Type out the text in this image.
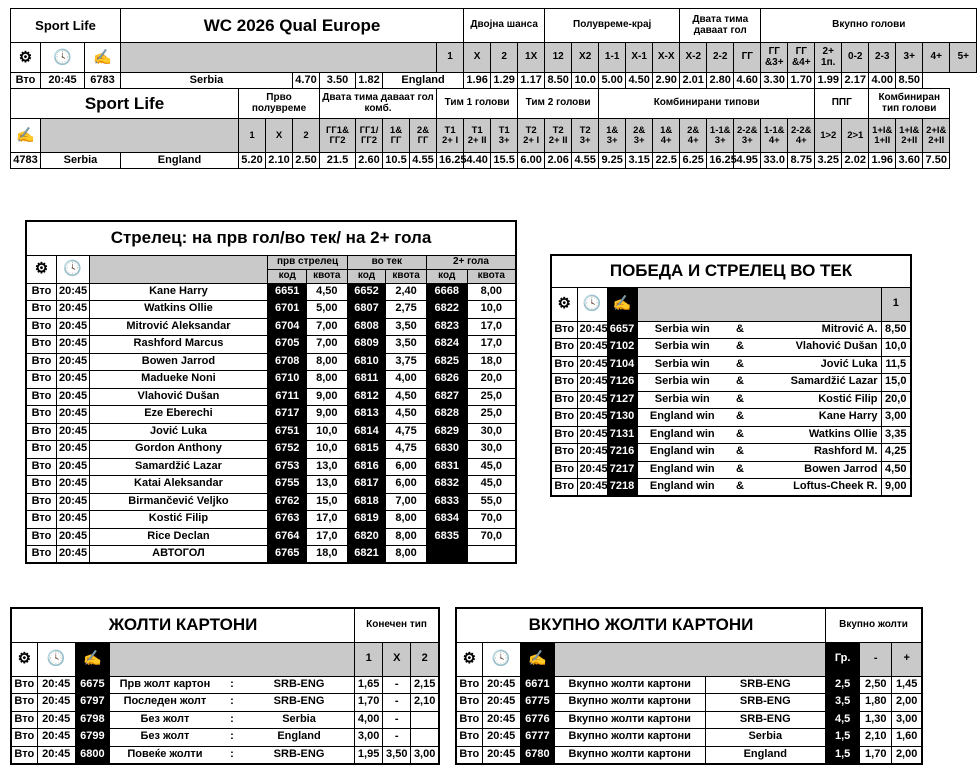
Sport Life			WC 2026 Qual Europe									Двојна шанса			Полувреме-крај					Двата тима даваат гол			Вкупно голови							
⚙	🕓	✍									1	X	2	1X	12	X2	1-1	X-1	X-X	X-2	2-2	ГГ	ГГ &3+	ГГ &4+	2+ 1п.	0-2	2-3	3+	4+	5+
Вто	20:45	6783	Serbia			4.70	3.50	1.82	England			1.96	1.29	1.17	8.50	10.0	5.00	4.50	2.90	2.01	2.80	4.60	3.30	1.70	1.99	2.17	4.00	8.50		
Sport Life				Прво полувреме			Двата тима даваат гол комб.				Тим 1 голови			Тим 2 голови			Комбинирани типови								ППГ		Комбиниран тип голови			
✍				1	X	2	ГГ1& ГГ2	ГГ1/ ГГ2	1& ГГ	2& ГГ	Т1 2+ I	Т1 2+ II	Т1 3+	Т2 2+ I	Т2 2+ II	Т2 3+	1& 3+	2& 3+	1& 4+	2& 4+	1-1& 3+	2-2& 3+	1-1& 4+	2-2& 4+	1>2	2>1	1+I& 1+II	1+I& 2+II	2+I& 2+II	
4783	Serbia		England	5.20	2.10	2.50	21.5	2.60	10.5	4.55	16.25	4.40	15.5	6.00	2.06	4.55	9.25	3.15	22.5	6.25	16.25	4.95	33.0	8.75	3.25	2.02	1.96	3.60	7.50	
Стрелец: на прв гол/во тек/ на 2+ гола								
⚙	🕓		прв стрелец		во тек		2+ гола	
			код	квота	код	квота	код	квота
Вто	20:45	Kane Harry	6651	4,50	6652	2,40	6668	8,00
Вто	20:45	Watkins Ollie	6701	5,00	6807	2,75	6822	10,0
Вто	20:45	Mitrović Aleksandar	6704	7,00	6808	3,50	6823	17,0
Вто	20:45	Rashford Marcus	6705	7,00	6809	3,50	6824	17,0
Вто	20:45	Bowen Jarrod	6708	8,00	6810	3,75	6825	18,0
Вто	20:45	Madueke Noni	6710	8,00	6811	4,00	6826	20,0
Вто	20:45	Vlahović Dušan	6711	9,00	6812	4,50	6827	25,0
Вто	20:45	Eze Eberechi	6717	9,00	6813	4,50	6828	25,0
Вто	20:45	Jović Luka	6751	10,0	6814	4,75	6829	30,0
Вто	20:45	Gordon Anthony	6752	10,0	6815	4,75	6830	30,0
Вто	20:45	Samardžić Lazar	6753	13,0	6816	6,00	6831	45,0
Вто	20:45	Katai Aleksandar	6755	13,0	6817	6,00	6832	45,0
Вто	20:45	Birmančević Veljko	6762	15,0	6818	7,00	6833	55,0
Вто	20:45	Kostić Filip	6763	17,0	6819	8,00	6834	70,0
Вто	20:45	Rice Declan	6764	17,0	6820	8,00	6835	70,0
Вто	20:45	АВТОГОЛ	6765	18,0	6821	8,00		
ПОБЕДА И СТРЕЛЕЦ ВО ТЕК						
⚙	🕓	✍				1
Вто	20:45	6657	Serbia win	&	Mitrović A.	8,50
Вто	20:45	7102	Serbia win	&	Vlahović Dušan	10,0
Вто	20:45	7104	Serbia win	&	Jović Luka	11,5
Вто	20:45	7126	Serbia win	&	Samardžić Lazar	15,0
Вто	20:45	7127	Serbia win	&	Kostić Filip	20,0
Вто	20:45	7130	England win	&	Kane Harry	3,00
Вто	20:45	7131	England win	&	Watkins Ollie	3,35
Вто	20:45	7216	England win	&	Rashford M.	4,25
Вто	20:45	7217	England win	&	Bowen Jarrod	4,50
Вто	20:45	7218	England win	&	Loftus-Cheek R.	9,00
ЖОЛТИ КАРТОНИ						Конечен тип		
⚙	🕓	✍				1	X	2
Вто	20:45	6675	Прв жолт картон	:	SRB-ENG	1,65	-	2,15
Вто	20:45	6797	Последен жолт	:	SRB-ENG	1,70	-	2,10
Вто	20:45	6798	Без жолт	:	Serbia	4,00	-	
Вто	20:45	6799	Без жолт	:	England	3,00	-	
Вто	20:45	6800	Повеќе жолти	:	SRB-ENG	1,95	3,50	3,00
ВКУПНО ЖОЛТИ КАРТОНИ					Вкупно жолти		
⚙	🕓	✍			Гр.	-	+
Вто	20:45	6671	Вкупно жолти картони	SRB-ENG	2,5	2,50	1,45
Вто	20:45	6775	Вкупно жолти картони	SRB-ENG	3,5	1,80	2,00
Вто	20:45	6776	Вкупно жолти картони	SRB-ENG	4,5	1,30	3,00
Вто	20:45	6777	Вкупно жолти картони	Serbia	1,5	2,10	1,60
Вто	20:45	6780	Вкупно жолти картони	England	1,5	1,70	2,00
